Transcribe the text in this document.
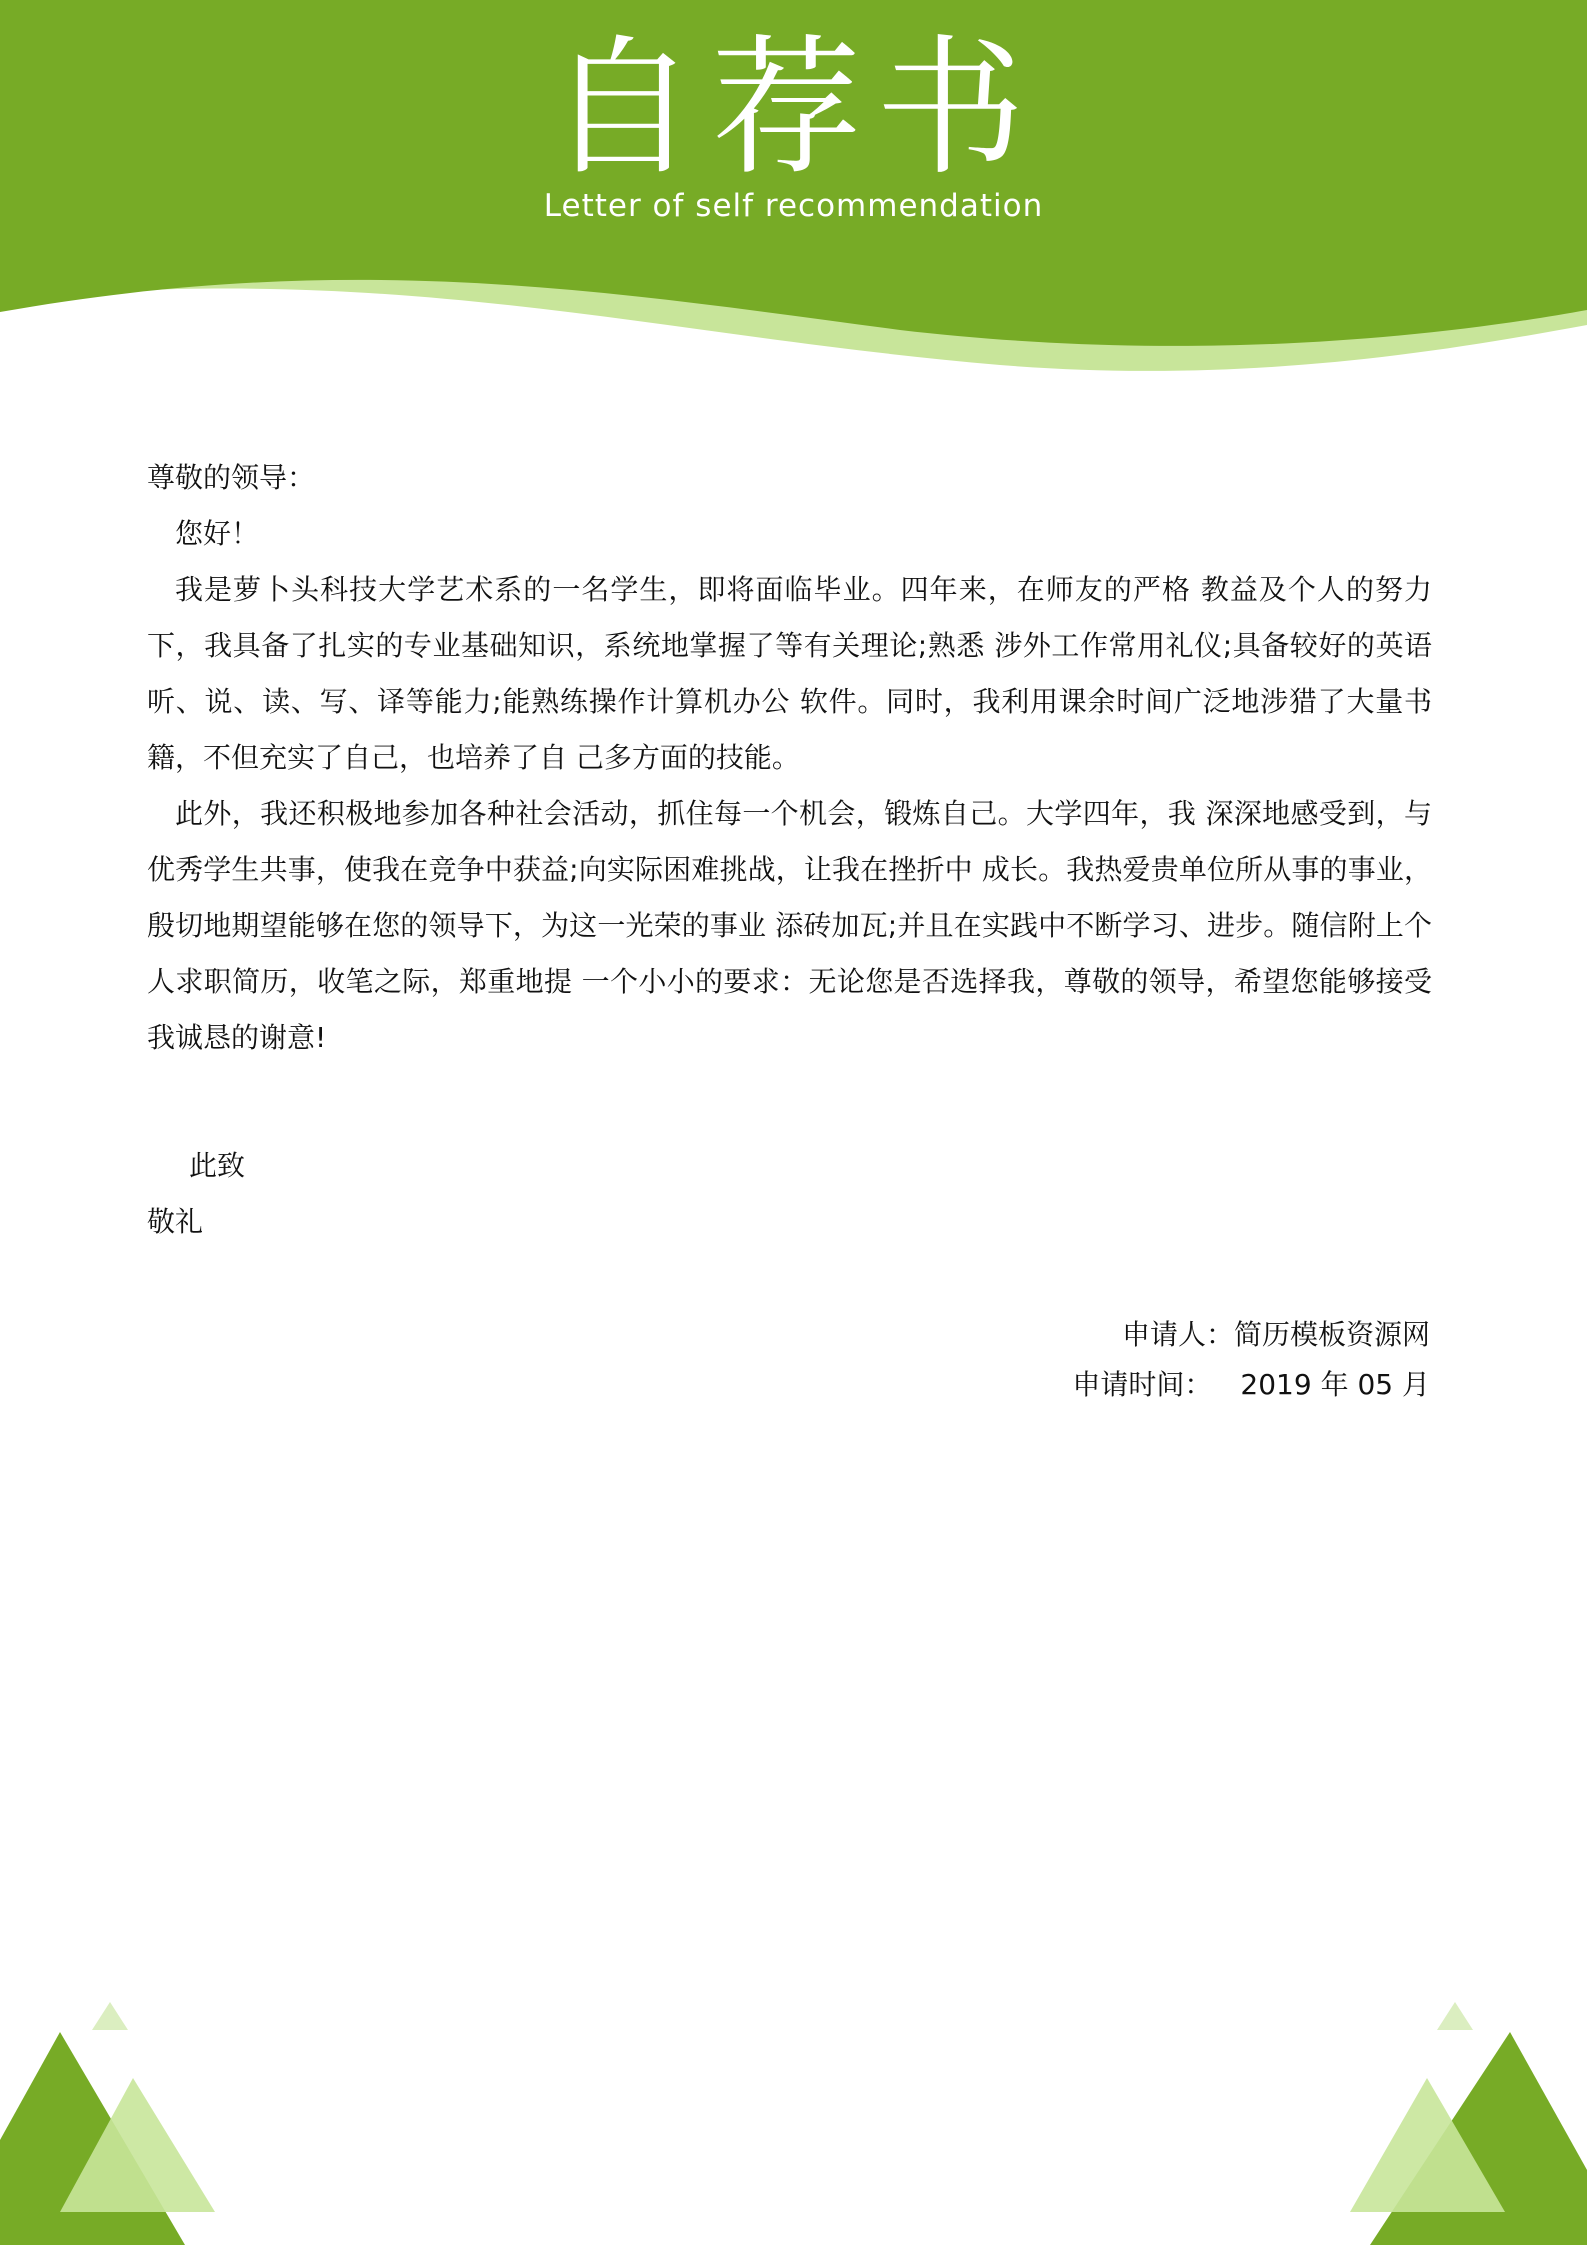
自荐书
Letter of self recommendation

尊敬的领导：

您好！

我是萝卜头科技大学艺术系的一名学生，即将面临毕业。四年来，在师友的严格 教益及个人的努力下，我具备了扎实的专业基础知识，系统地掌握了等有关理论;熟悉 涉外工作常用礼仪;具备较好的英语听、说、读、写、译等能力;能熟练操作计算机办公 软件。同时，我利用课余时间广泛地涉猎了大量书籍，不但充实了自己，也培养了自 己多方面的技能。

此外，我还积极地参加各种社会活动，抓住每一个机会，锻炼自己。大学四年，我 深深地感受到，与优秀学生共事，使我在竞争中获益;向实际困难挑战，让我在挫折中 成长。我热爱贵单位所从事的事业，殷切地期望能够在您的领导下，为这一光荣的事业 添砖加瓦;并且在实践中不断学习、进步。随信附上个人求职简历，收笔之际，郑重地提 一个小小的要求：无论您是否选择我，尊敬的领导，希望您能够接受我诚恳的谢意!

此致

敬礼

申请人：简历模板资源网
申请时间： 2019 年 05 月
